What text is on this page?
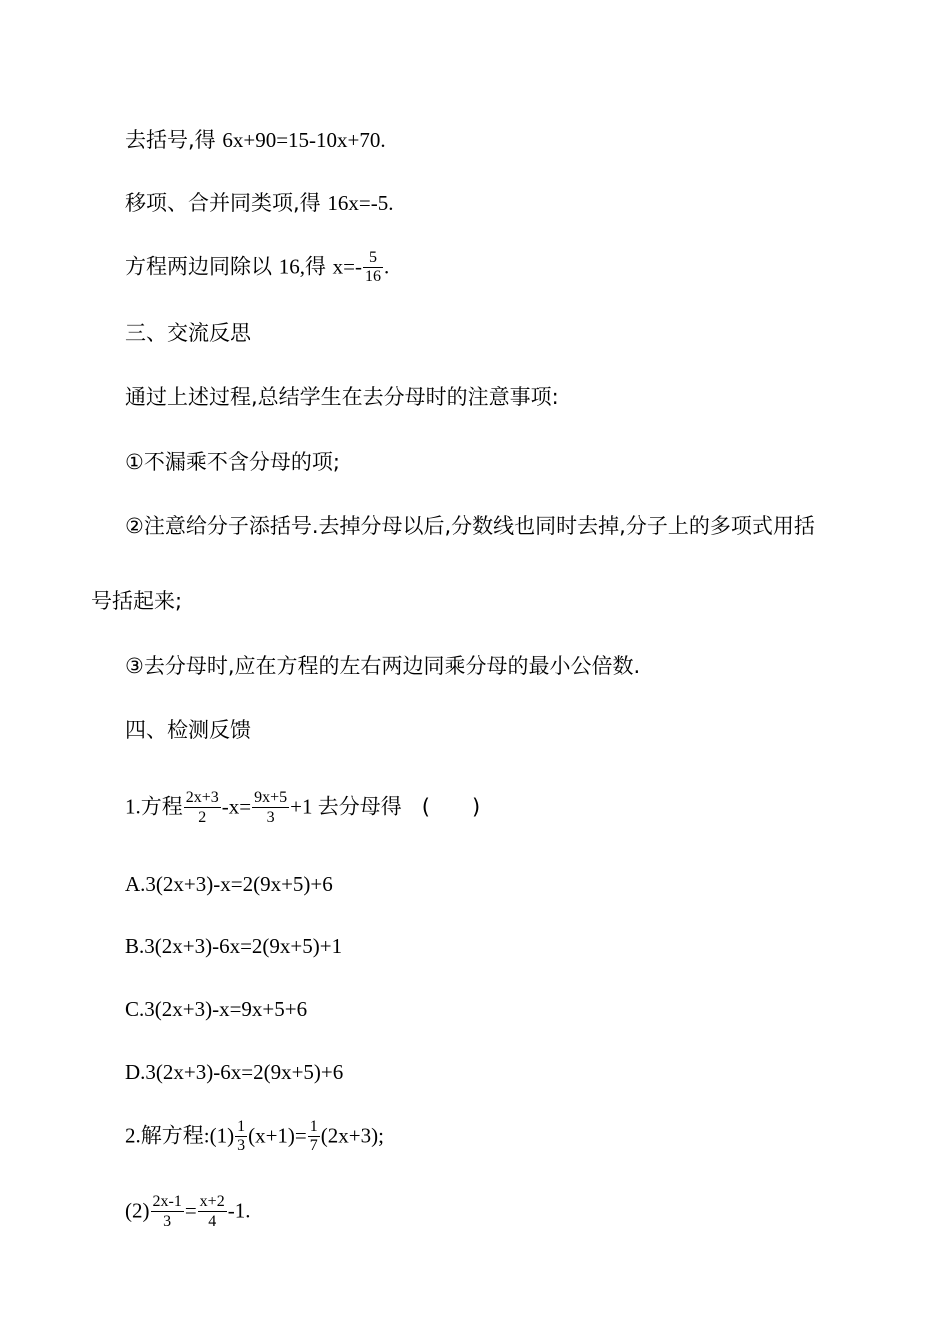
去括号,得 6x+90=15-10x+70.
移项、合并同类项,得 16x=-5.
方程两边同除以 16,得 $x=- \frac{5}{16}$ .
三、交流反思
通过上述过程,总结学生在去分母时的注意事项:
①不漏乘不含分母的项;
②注意给分子添括号.去掉分母以后,分数线也同时去掉,分子上的多项式用括
号括起来;
③去分母时,应在方程的左右两边同乘分母的最小公倍数.
四、检测反馈
1.方程 $\frac{2x+3}{2} -x= \frac{9x+5}{3} +1$ 去分母得 (　　)
A.3(2x+3)-x=2(9x+5)+6
B.3(2x+3)-6x=2(9x+5)+1
C.3(2x+3)-x=9x+5+6
D.3(2x+3)-6x=2(9x+5)+6
2.解方程:(1) $\frac{1}{3} (x+1)= \frac{1}{7} (2x+3)$;
$(2) \frac{2x-1}{3} = \frac{x+2}{4} -1$.
